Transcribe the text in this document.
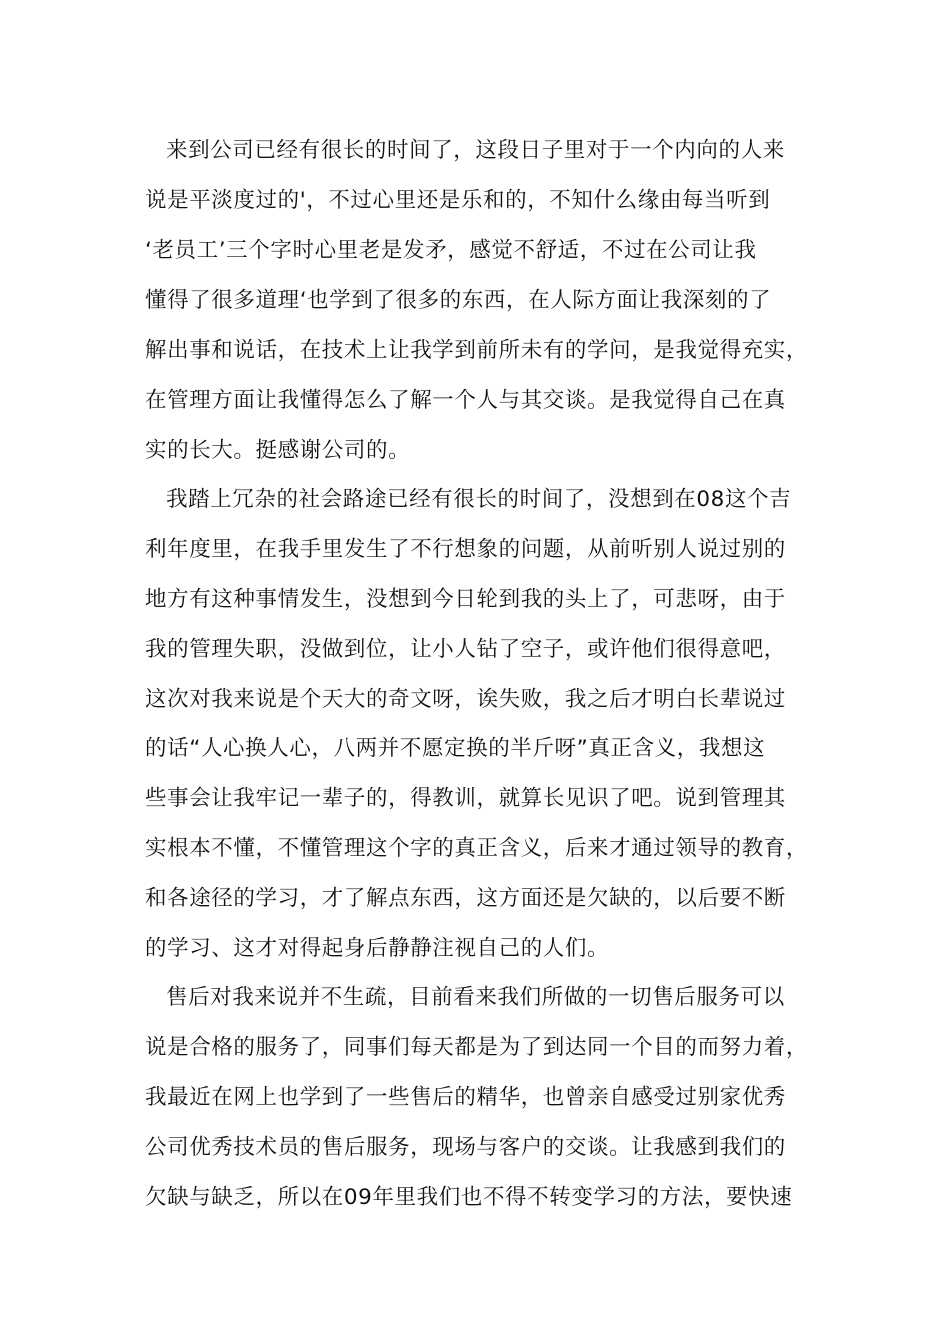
来到公司已经有很长的时间了，这段日子里对于一个内向的人来
说是平淡度过的'，不过心里还是乐和的，不知什么缘由每当听到
‘老员工’三个字时心里老是发矛，感觉不舒适，不过在公司让我
懂得了很多道理‘也学到了很多的东西，在人际方面让我深刻的了
解出事和说话，在技术上让我学到前所未有的学问，是我觉得充实，
在管理方面让我懂得怎么了解一个人与其交谈。是我觉得自己在真
实的长大。挺感谢公司的。
我踏上冗杂的社会路途已经有很长的时间了，没想到在08这个吉
利年度里，在我手里发生了不行想象的问题，从前听别人说过别的
地方有这种事情发生，没想到今日轮到我的头上了，可悲呀，由于
我的管理失职，没做到位，让小人钻了空子，或许他们很得意吧，
这次对我来说是个天大的奇文呀，诶失败，我之后才明白长辈说过
的话“人心换人心，八两并不愿定换的半斤呀”真正含义，我想这
些事会让我牢记一辈子的，得教训，就算长见识了吧。说到管理其
实根本不懂，不懂管理这个字的真正含义，后来才通过领导的教育，
和各途径的学习，才了解点东西，这方面还是欠缺的，以后要不断
的学习、这才对得起身后静静注视自己的人们。
售后对我来说并不生疏，目前看来我们所做的一切售后服务可以
说是合格的服务了，同事们每天都是为了到达同一个目的而努力着，
我最近在网上也学到了一些售后的精华，也曾亲自感受过别家优秀
公司优秀技术员的售后服务，现场与客户的交谈。让我感到我们的
欠缺与缺乏，所以在09年里我们也不得不转变学习的方法，要快速
